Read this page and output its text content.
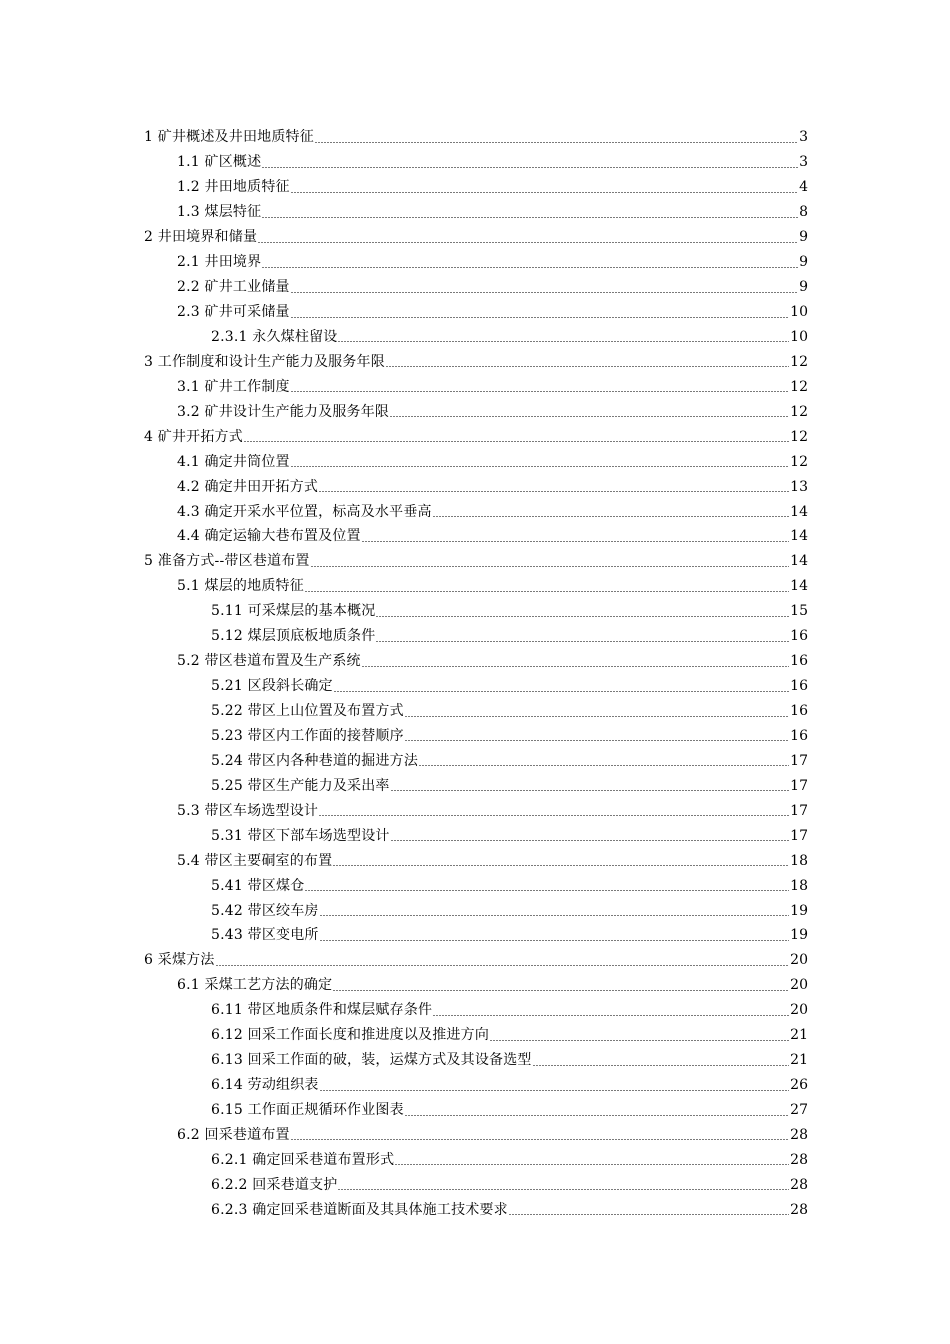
1 矿井概述及井田地质特征	3
1.1 矿区概述	3
1.2 井田地质特征	4
1.3 煤层特征	8
2 井田境界和储量	9
2.1 井田境界	9
2.2 矿井工业储量	9
2.3 矿井可采储量	10
2.3.1 永久煤柱留设	10
3 工作制度和设计生产能力及服务年限	12
3.1 矿井工作制度	12
3.2 矿井设计生产能力及服务年限	12
4 矿井开拓方式	12
4.1 确定井筒位置	12
4.2 确定井田开拓方式	13
4.3 确定开采水平位置，标高及水平垂高	14
4.4 确定运输大巷布置及位置	14
5 准备方式--带区巷道布置	14
5.1 煤层的地质特征	14
5.11 可采煤层的基本概况	15
5.12 煤层顶底板地质条件	16
5.2 带区巷道布置及生产系统	16
5.21 区段斜长确定	16
5.22 带区上山位置及布置方式	16
5.23 带区内工作面的接替顺序	16
5.24 带区内各种巷道的掘进方法	17
5.25 带区生产能力及采出率	17
5.3 带区车场选型设计	17
5.31 带区下部车场选型设计	17
5.4 带区主要硐室的布置	18
5.41 带区煤仓	18
5.42 带区绞车房	19
5.43 带区变电所	19
6 采煤方法	20
6.1 采煤工艺方法的确定	20
6.11 带区地质条件和煤层赋存条件	20
6.12 回采工作面长度和推进度以及推进方向	21
6.13 回采工作面的破，装，运煤方式及其设备选型	21
6.14 劳动组织表	26
6.15 工作面正规循环作业图表	27
6.2 回采巷道布置	28
6.2.1 确定回采巷道布置形式	28
6.2.2 回采巷道支护	28
6.2.3 确定回采巷道断面及其具体施工技术要求	28
